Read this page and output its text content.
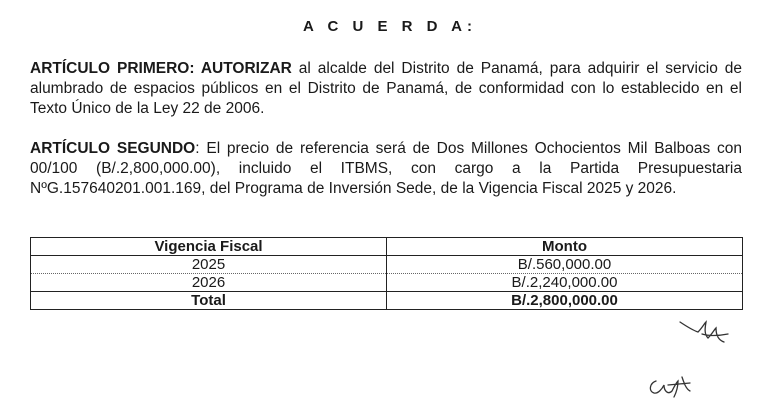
A C U E R D A:

ARTÍCULO PRIMERO: AUTORIZAR al alcalde del Distrito de Panamá, para adquirir el servicio de alumbrado de espacios públicos en el Distrito de Panamá, de conformidad con lo establecido en el Texto Único de la Ley 22 de 2006.

ARTÍCULO SEGUNDO: El precio de referencia será de Dos Millones Ochocientos Mil Balboas con 00/100 (B/.2,800,000.00), incluido el ITBMS, con cargo a la Partida Presupuestaria NºG.157640201.001.169, del Programa de Inversión Sede, de la Vigencia Fiscal 2025 y 2026.

Vigencia Fiscal	Monto
2025	B/.560,000.00
2026	B/.2,240,000.00
Total	B/.2,800,000.00
